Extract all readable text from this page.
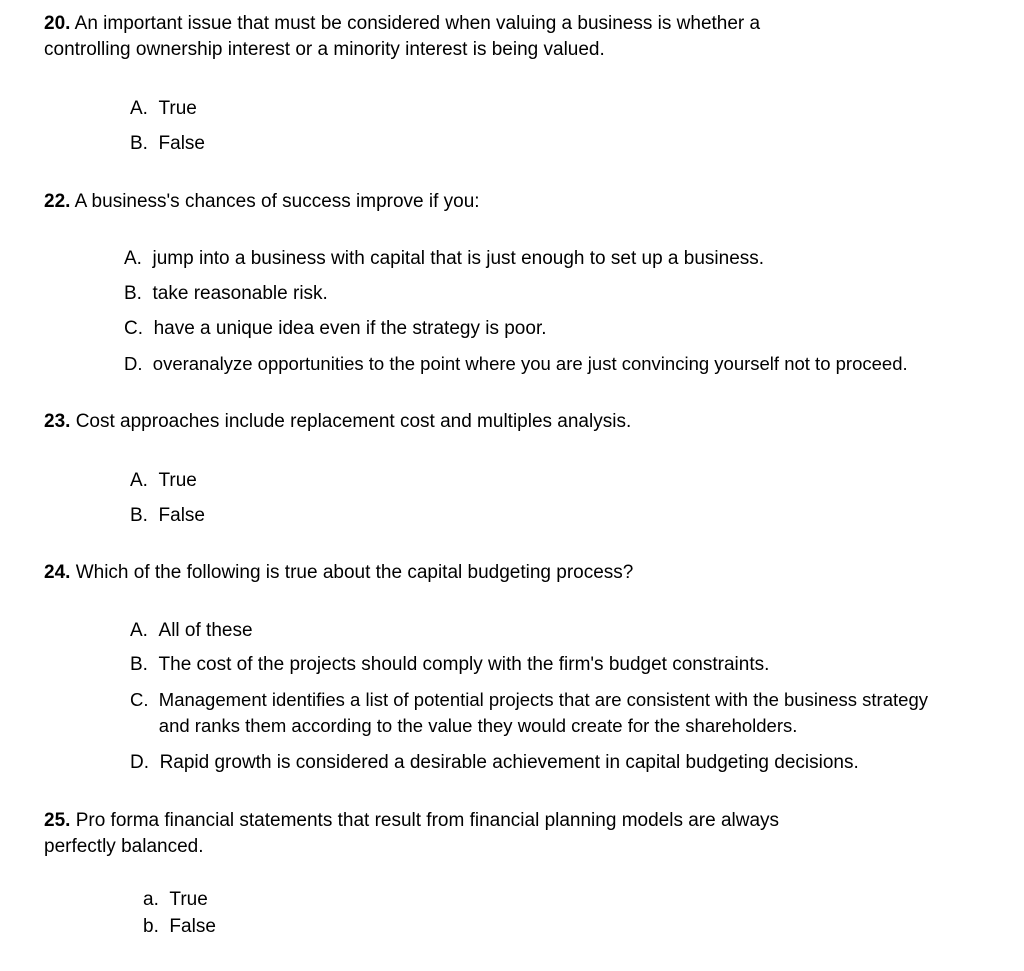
20. An important issue that must be considered when valuing a business is whether a
controlling ownership interest or a minority interest is being valued.
A. True
B. False
22. A business's chances of success improve if you:
A. jump into a business with capital that is just enough to set up a business.
B. take reasonable risk.
C. have a unique idea even if the strategy is poor.
D. overanalyze opportunities to the point where you are just convincing yourself not to proceed.
23. Cost approaches include replacement cost and multiples analysis.
A. True
B. False
24. Which of the following is true about the capital budgeting process?
A. All of these
B. The cost of the projects should comply with the firm's budget constraints.
C. Management identifies a list of potential projects that are consistent with the business strategy
and ranks them according to the value they would create for the shareholders.
D. Rapid growth is considered a desirable achievement in capital budgeting decisions.
25. Pro forma financial statements that result from financial planning models are always
perfectly balanced.
a. True
b. False
